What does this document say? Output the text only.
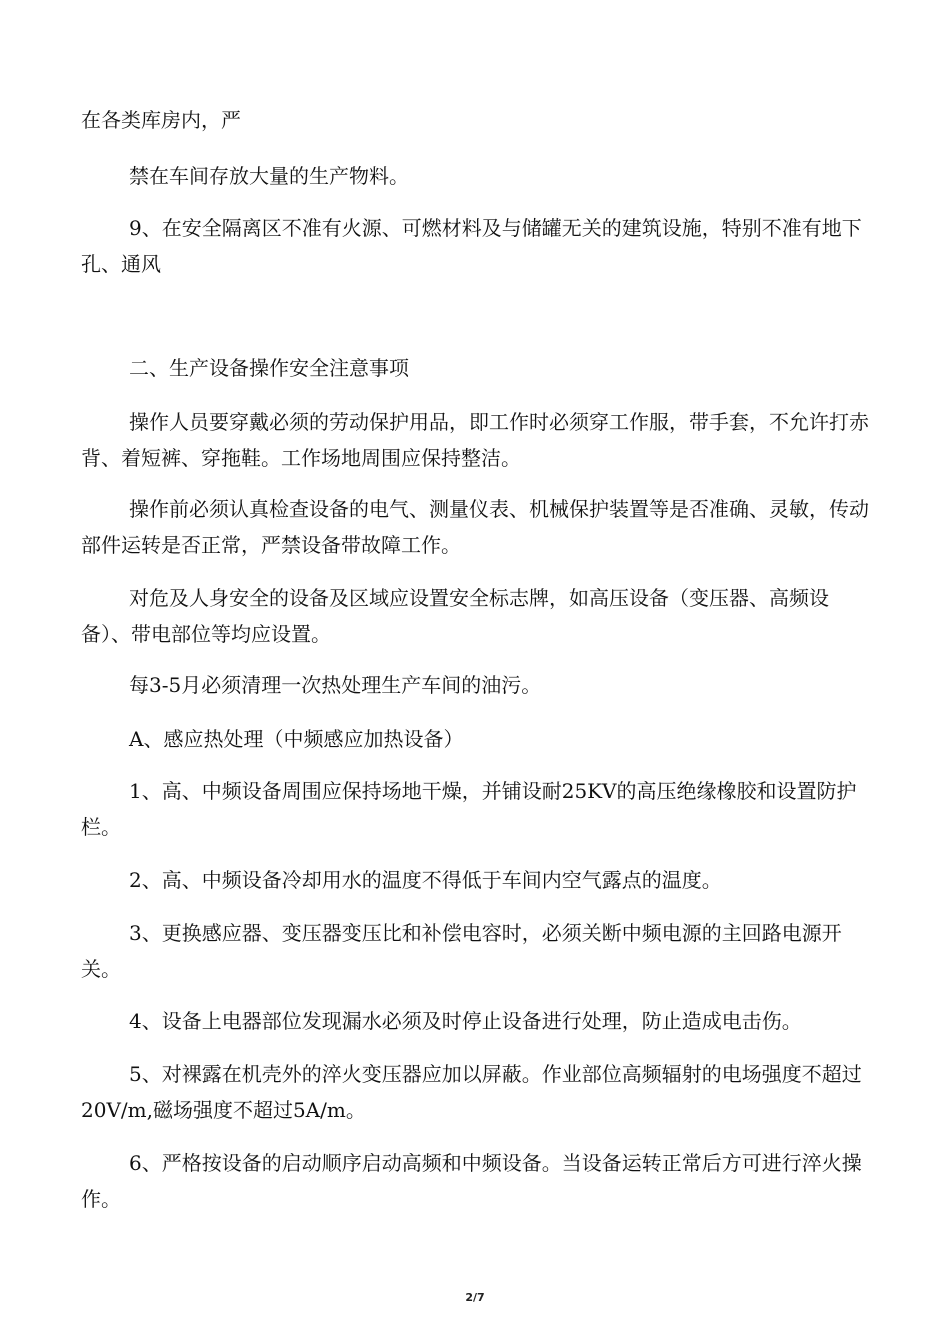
在各类库房内，严

禁在车间存放大量的生产物料。

9、在安全隔离区不准有火源、可燃材料及与储罐无关的建筑设施，特别不准有地下孔、通风

二、生产设备操作安全注意事项

操作人员要穿戴必须的劳动保护用品，即工作时必须穿工作服，带手套，不允许打赤背、着短裤、穿拖鞋。工作场地周围应保持整洁。

操作前必须认真检查设备的电气、测量仪表、机械保护装置等是否准确、灵敏，传动部件运转是否正常，严禁设备带故障工作。

对危及人身安全的设备及区域应设置安全标志牌，如高压设备（变压器、高频设备）、带电部位等均应设置。

每3-5月必须清理一次热处理生产车间的油污。

A、感应热处理（中频感应加热设备）

1、高、中频设备周围应保持场地干燥，并铺设耐25KV的高压绝缘橡胶和设置防护栏。

2、高、中频设备冷却用水的温度不得低于车间内空气露点的温度。

3、更换感应器、变压器变压比和补偿电容时，必须关断中频电源的主回路电源开关。

4、设备上电器部位发现漏水必须及时停止设备进行处理，防止造成电击伤。

5、对裸露在机壳外的淬火变压器应加以屏蔽。作业部位高频辐射的电场强度不超过20V/m,磁场强度不超过5A/m。

6、严格按设备的启动顺序启动高频和中频设备。当设备运转正常后方可进行淬火操作。

2/7
